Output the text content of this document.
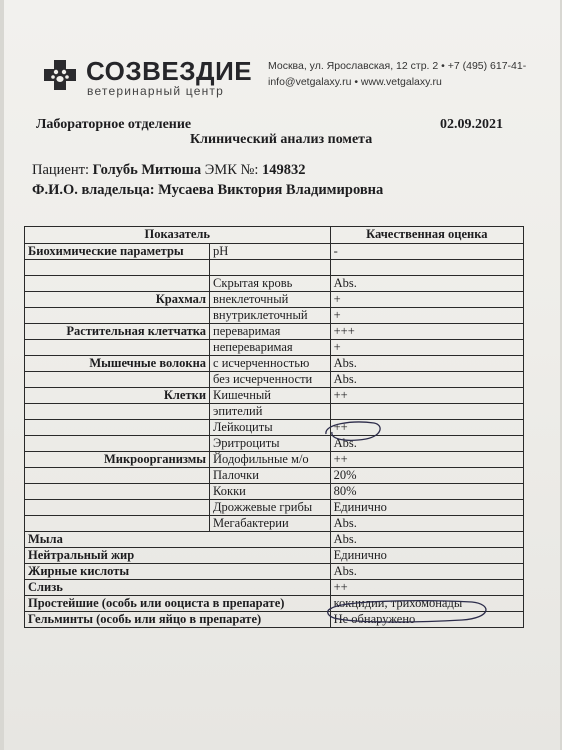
СОЗВЕЗДИЕ
ветеринарный центр
Москва, ул. Ярославская, 12 стр. 2 • +7 (495) 617-41-
info@vetgalaxy.ru • www.vetgalaxy.ru
Лабораторное отделение	02.09.2021
Клинический анализ помета
Пациент: Голубь Митюша ЭМК №: 149832
Ф.И.О. владельца: Мусаева Виктория Владимировна
Показатель		Качественная оценка
Биохимические параметры	pH	-

	Скрытая кровь	Abs.
Крахмал	внеклеточный	+
	внутриклеточный	+
Растительная клетчатка	переваримая	+++
	непереваримая	+
Мышечные волокна	с исчерченностью	Abs.
	без исчерченности	Abs.
Клетки	Кишечный	++
	эпителий	
	Лейкоциты	++
	Эритроциты	Abs.
Микроорганизмы	Йодофильные м/о	++
	Палочки	20%
	Кокки	80%
	Дрожжевые грибы	Единично
	Мегабактерии	Abs.
Мыла		Abs.
Нейтральный жир		Единично
Жирные кислоты		Abs.
Слизь		++
Простейшие (особь или ооциста в препарате)		кокцидии, трихомонады
Гельминты (особь или яйцо в препарате)		Не обнаружено
